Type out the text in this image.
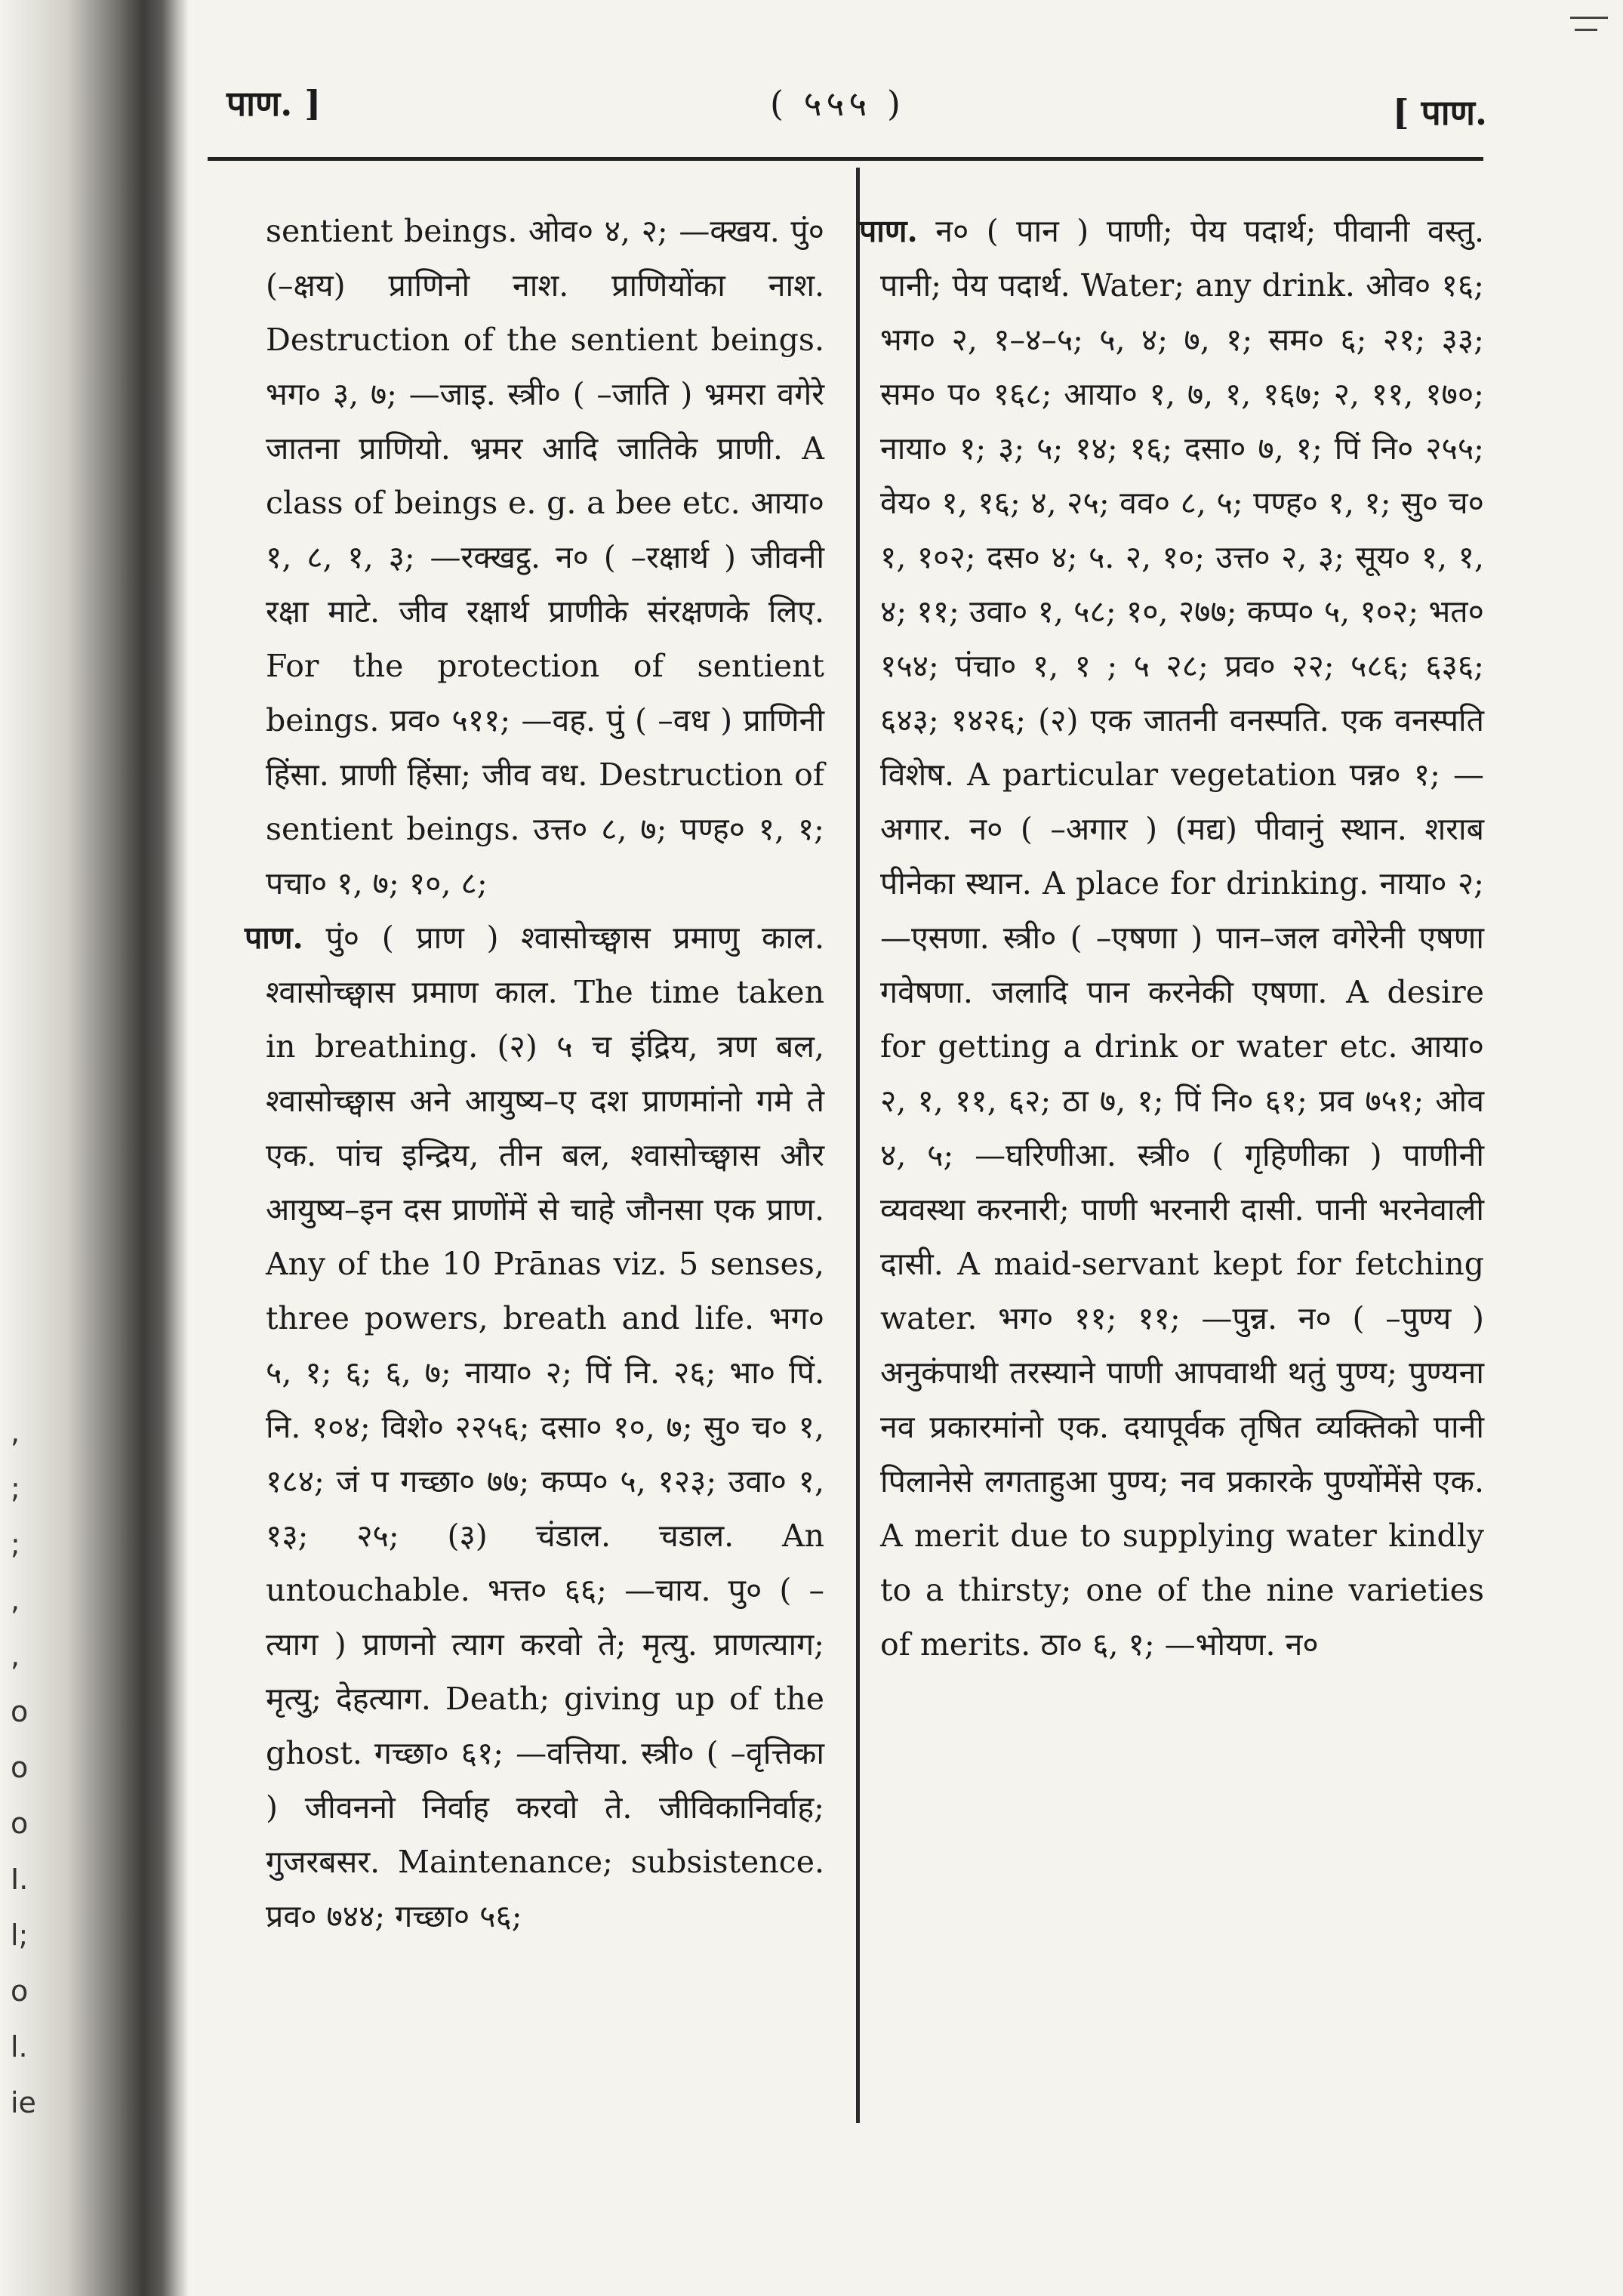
,
;
;
,
,
o
o
o
I.
l;
o
l.
ie
पाण. ]	( ५५५ )	[ पाण.

sentient beings. ओव० ४, २; —क्खय. पुं० (–क्षय) प्राणिनो नाश. प्राणियोंका नाश. Destruction of the sentient beings. भग० ३, ७; —जाइ. स्त्री० ( –जाति ) भ्रमरा वगेरे जातना प्राणियो. भ्रमर आदि जातिके प्राणी. A class of beings e. g. a bee etc. आया० १, ८, १, ३; —रक्खट्ठ. न० ( –रक्षार्थ ) जीवनी रक्षा माटे. जीव रक्षार्थ प्राणीके संरक्षणके लिए. For the protection of sentient beings. प्रव० ५११; —वह. पुं ( –वध ) प्राणिनी हिंसा. प्राणी हिंसा; जीव वध. Destruction of sentient beings. उत्त० ८, ७; पण्ह० १, १; पचा० १, ७; १०, ८;

पाण. पुं० ( प्राण ) श्वासोच्छ्वास प्रमाणु काल. श्वासोच्छ्वास प्रमाण काल. The time taken in breathing. (२) ५ च इंद्रिय, त्रण बल, श्वासोच्छ्वास अने आयुष्य–ए दश प्राणमांनो गमे ते एक. पांच इन्द्रिय, तीन बल, श्वासोच्छ्वास और आयुष्य–इन दस प्राणोंमें से चाहे जौनसा एक प्राण. Any of the 10 Prānas viz. 5 senses, three powers, breath and life. भग० ५, १; ६; ६, ७; नाया० २; पिं नि. २६; भा० पिं. नि. १०४; विशे० २२५६; दसा० १०, ७; सु० च० १, १८४; जं प गच्छा० ७७; कप्प० ५, १२३; उवा० १, १३; २५; (३) चंडाल. चडाल. An untouchable. भत्त० ६६; —चाय. पु० ( –त्याग ) प्राणनो त्याग करवो ते; मृत्यु. प्राणत्याग; मृत्यु; देहत्याग. Death; giving up of the ghost. गच्छा० ६१; —वत्तिया. स्त्री० ( –वृत्तिका ) जीवननो निर्वाह करवो ते. जीविकानिर्वाह; गुजरबसर. Maintenance; subsistence. प्रव० ७४४; गच्छा० ५६;

पाण. न० ( पान ) पाणी; पेय पदार्थ; पीवानी वस्तु. पानी; पेय पदार्थ. Water; any drink. ओव० १६; भग० २, १–४–५; ५, ४; ७, १; सम० ६; २१; ३३; सम० प० १६८; आया० १, ७, १, १६७; २, ११, १७०; नाया० १; ३; ५; १४; १६; दसा० ७, १; पिं नि० २५५; वेय० १, १६; ४, २५; वव० ८, ५; पण्ह० १, १; सु० च० १, १०२; दस० ४; ५. २, १०; उत्त० २, ३; सूय० १, १, ४; ११; उवा० १, ५८; १०, २७७; कप्प० ५, १०२; भत० १५४; पंचा० १, १ ; ५ २८; प्रव० २२; ५८६; ६३६; ६४३; १४२६; (२) एक जातनी वनस्पति. एक वनस्पति विशेष. A particular vegetation पन्न० १; —अगार. न० ( –अगार ) (मद्य) पीवानुं स्थान. शराब पीनेका स्थान. A place for drinking. नाया० २; —एसणा. स्त्री० ( –एषणा ) पान–जल वगेरेनी एषणा गवेषणा. जलादि पान करनेकी एषणा. A desire for getting a drink or water etc. आया० २, १, ११, ६२; ठा ७, १; पिं नि० ६१; प्रव ७५१; ओव ४, ५; —घरिणीआ. स्त्री० ( गृहिणीका ) पाणीनी व्यवस्था करनारी; पाणी भरनारी दासी. पानी भरनेवाली दासी. A maid-servant kept for fetching water. भग० ११; ११; —पुन्न. न० ( –पुण्य ) अनुकंपाथी तरस्याने पाणी आपवाथी थतुं पुण्य; पुण्यना नव प्रकारमांनो एक. दयापूर्वक तृषित व्यक्तिको पानी पिलानेसे लगताहुआ पुण्य; नव प्रकारके पुण्योंमेंसे एक. A merit due to supplying water kindly to a thirsty; one of the nine varieties of merits. ठा० ६, १; —भोयण. न०
